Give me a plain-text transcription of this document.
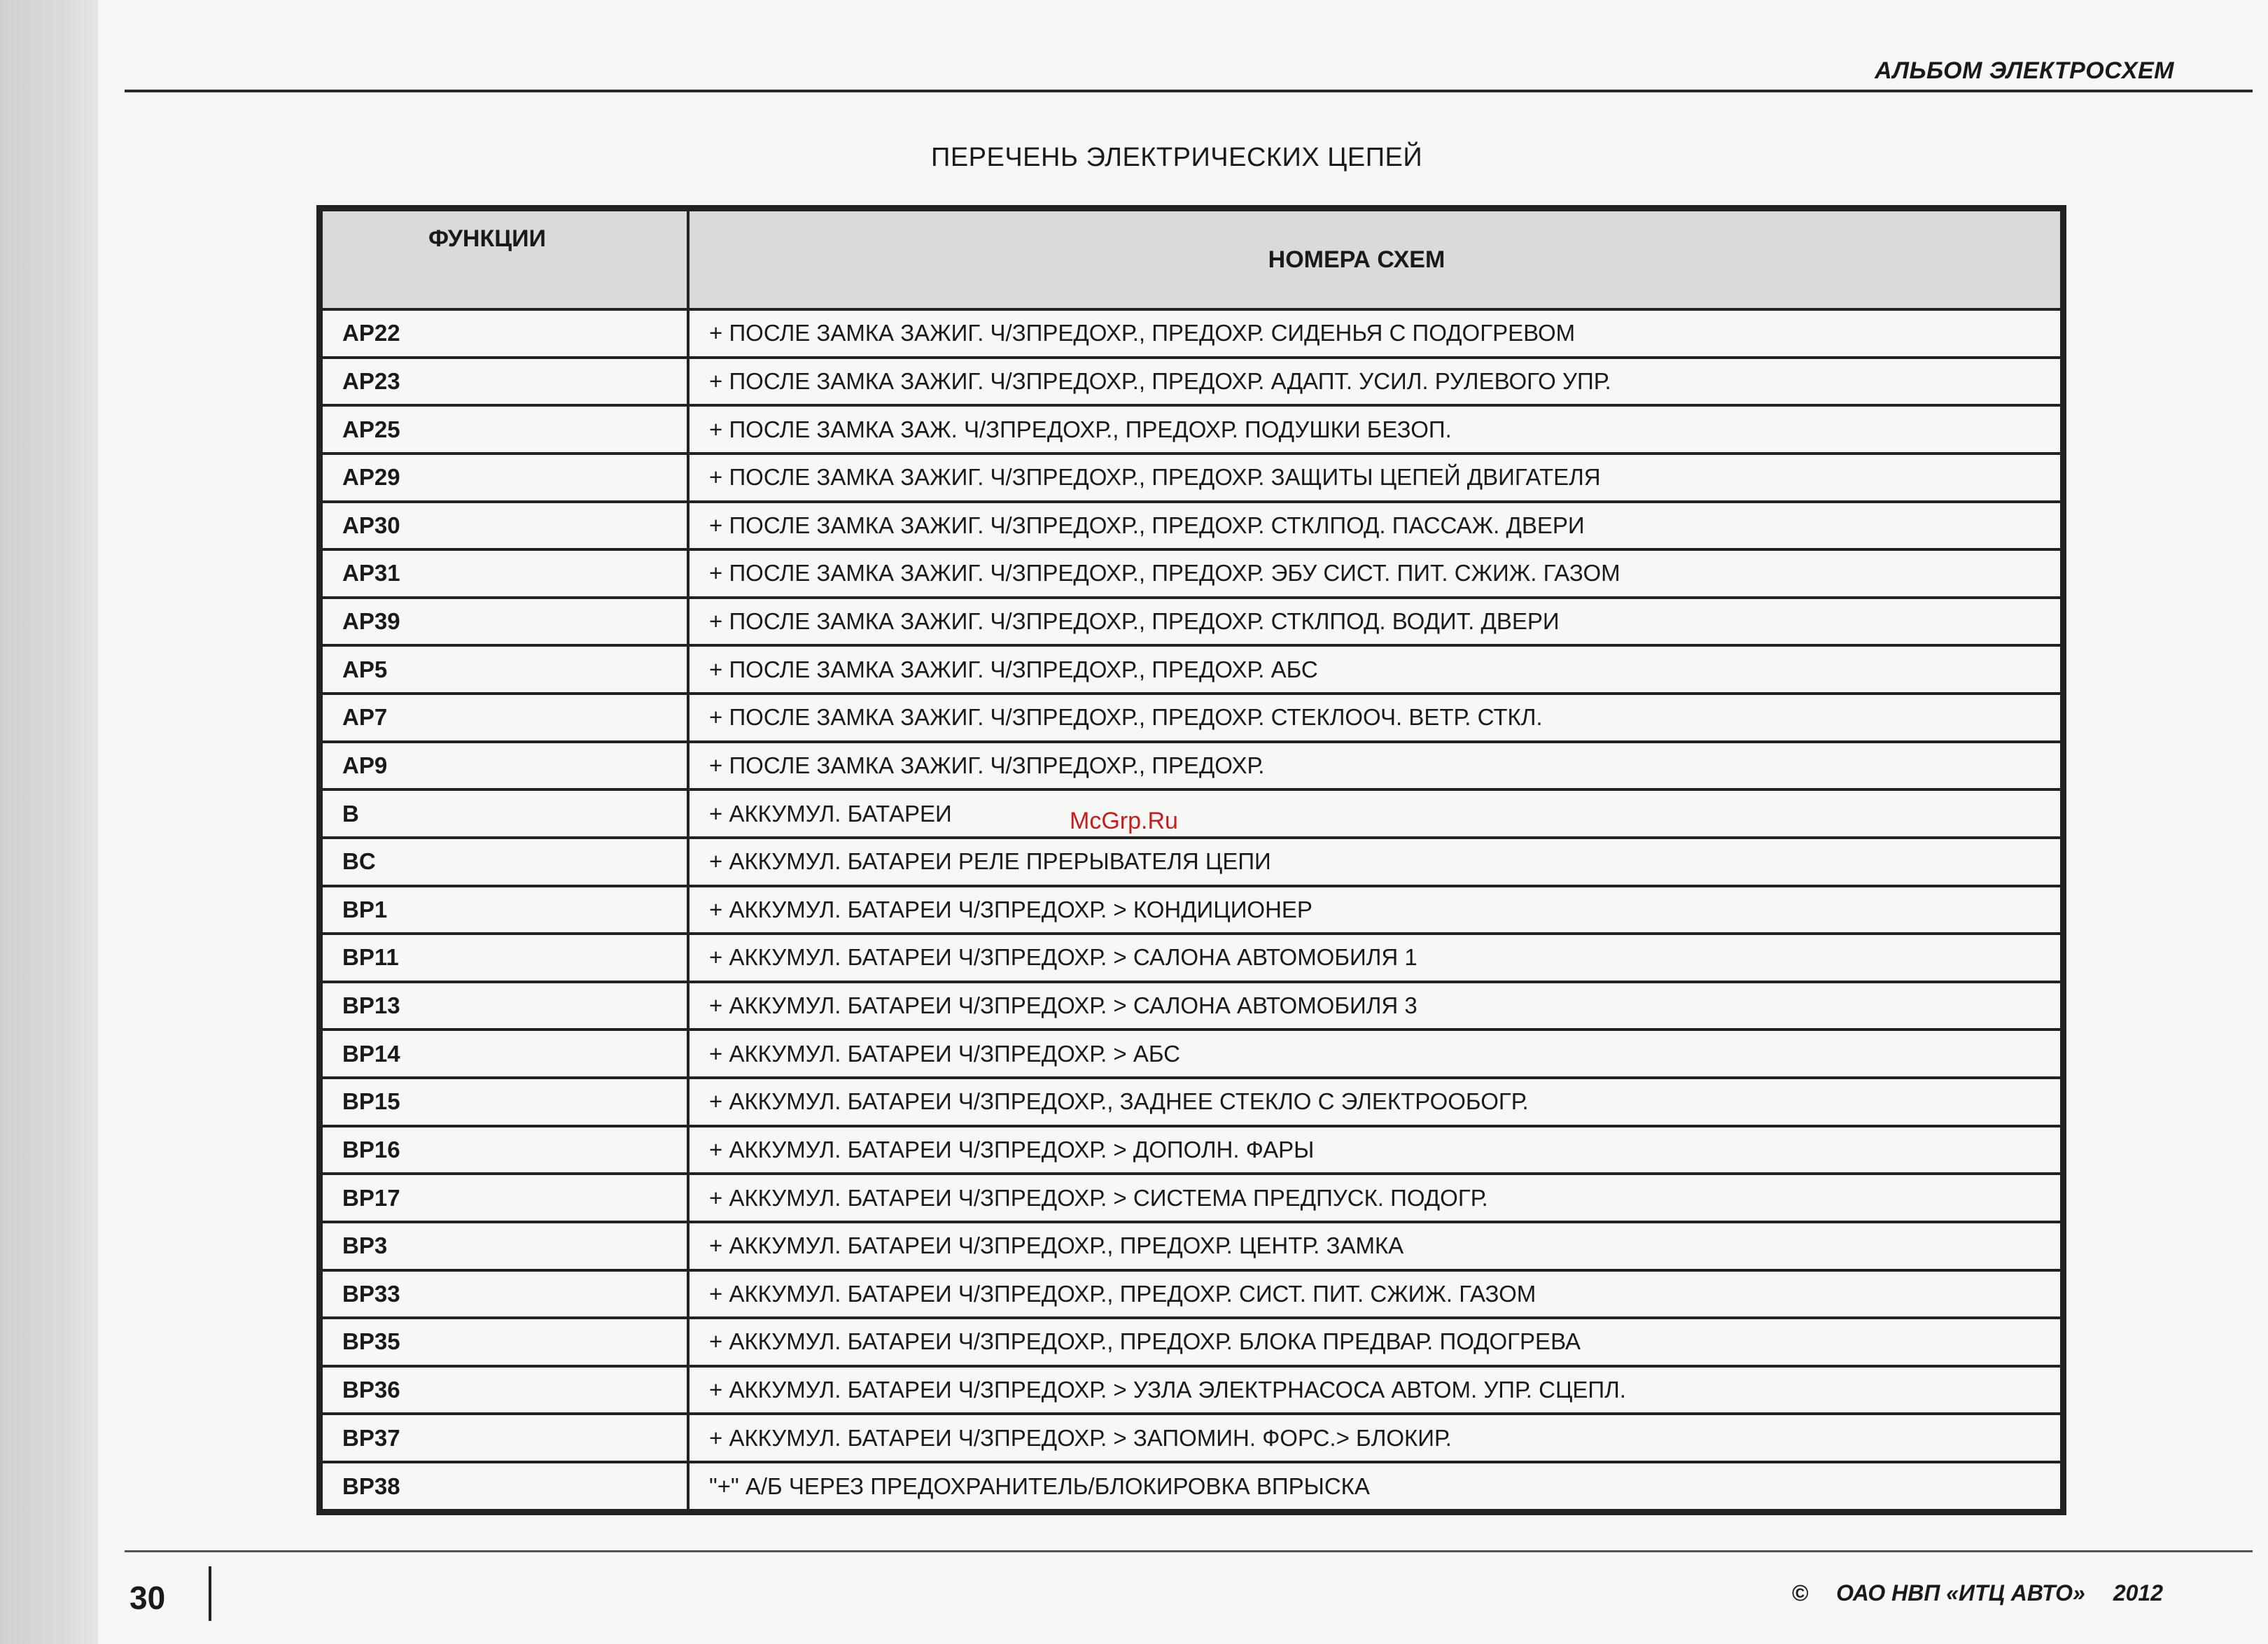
АЛЬБОМ ЭЛЕКТРОСХЕМ
ПЕРЕЧЕНЬ ЭЛЕКТРИЧЕСКИХ ЦЕПЕЙ
ФУНКЦИИ	НОМЕРА СХЕМ
AP22	+ ПОСЛЕ ЗАМКА ЗАЖИГ. Ч/ЗПРЕДОХР., ПРЕДОХР. СИДЕНЬЯ С ПОДОГРЕВОМ
AP23	+ ПОСЛЕ ЗАМКА ЗАЖИГ. Ч/ЗПРЕДОХР., ПРЕДОХР. АДАПТ. УСИЛ. РУЛЕВОГО УПР.
AP25	+ ПОСЛЕ ЗАМКА ЗАЖ. Ч/ЗПРЕДОХР., ПРЕДОХР. ПОДУШКИ БЕЗОП.
AP29	+ ПОСЛЕ ЗАМКА ЗАЖИГ. Ч/ЗПРЕДОХР., ПРЕДОХР. ЗАЩИТЫ ЦЕПЕЙ ДВИГАТЕЛЯ
AP30	+ ПОСЛЕ ЗАМКА ЗАЖИГ. Ч/ЗПРЕДОХР., ПРЕДОХР. СТКЛПОД. ПАССАЖ. ДВЕРИ
AP31	+ ПОСЛЕ ЗАМКА ЗАЖИГ. Ч/ЗПРЕДОХР., ПРЕДОХР. ЭБУ СИСТ. ПИТ. СЖИЖ. ГАЗОМ
AP39	+ ПОСЛЕ ЗАМКА ЗАЖИГ. Ч/ЗПРЕДОХР., ПРЕДОХР. СТКЛПОД. ВОДИТ. ДВЕРИ
AP5	+ ПОСЛЕ ЗАМКА ЗАЖИГ. Ч/ЗПРЕДОХР., ПРЕДОХР. АБС
AP7	+ ПОСЛЕ ЗАМКА ЗАЖИГ. Ч/ЗПРЕДОХР., ПРЕДОХР. СТЕКЛООЧ. ВЕТР. СТКЛ.
AP9	+ ПОСЛЕ ЗАМКА ЗАЖИГ. Ч/ЗПРЕДОХР., ПРЕДОХР.
B	+ АККУМУЛ. БАТАРЕИ
BC	+ АККУМУЛ. БАТАРЕИ РЕЛЕ ПРЕРЫВАТЕЛЯ ЦЕПИ
BP1	+ АККУМУЛ. БАТАРЕИ Ч/ЗПРЕДОХР. > КОНДИЦИОНЕР
BP11	+ АККУМУЛ. БАТАРЕИ Ч/ЗПРЕДОХР. > САЛОНА АВТОМОБИЛЯ 1
BP13	+ АККУМУЛ. БАТАРЕИ Ч/ЗПРЕДОХР. > САЛОНА АВТОМОБИЛЯ 3
BP14	+ АККУМУЛ. БАТАРЕИ Ч/ЗПРЕДОХР. > АБС
BP15	+ АККУМУЛ. БАТАРЕИ Ч/ЗПРЕДОХР., ЗАДНЕЕ СТЕКЛО С ЭЛЕКТРООБОГР.
BP16	+ АККУМУЛ. БАТАРЕИ Ч/ЗПРЕДОХР. > ДОПОЛН. ФАРЫ
BP17	+ АККУМУЛ. БАТАРЕИ Ч/ЗПРЕДОХР. > СИСТЕМА ПРЕДПУСК. ПОДОГР.
BP3	+ АККУМУЛ. БАТАРЕИ Ч/ЗПРЕДОХР., ПРЕДОХР. ЦЕНТР. ЗАМКА
BP33	+ АККУМУЛ. БАТАРЕИ Ч/ЗПРЕДОХР., ПРЕДОХР. СИСТ. ПИТ. СЖИЖ. ГАЗОМ
BP35	+ АККУМУЛ. БАТАРЕИ Ч/ЗПРЕДОХР., ПРЕДОХР. БЛОКА ПРЕДВАР. ПОДОГРЕВА
BP36	+ АККУМУЛ. БАТАРЕИ Ч/ЗПРЕДОХР. > УЗЛА ЭЛЕКТРНАСОСА АВТОМ. УПР. СЦЕПЛ.
BP37	+ АККУМУЛ. БАТАРЕИ Ч/ЗПРЕДОХР. > ЗАПОМИН. ФОРС.> БЛОКИР.
BP38	"+" А/Б ЧЕРЕЗ ПРЕДОХРАНИТЕЛЬ/БЛОКИРОВКА ВПРЫСКА
McGrp.Ru
30	© ОАО НВП «ИТЦ АВТО» 2012
